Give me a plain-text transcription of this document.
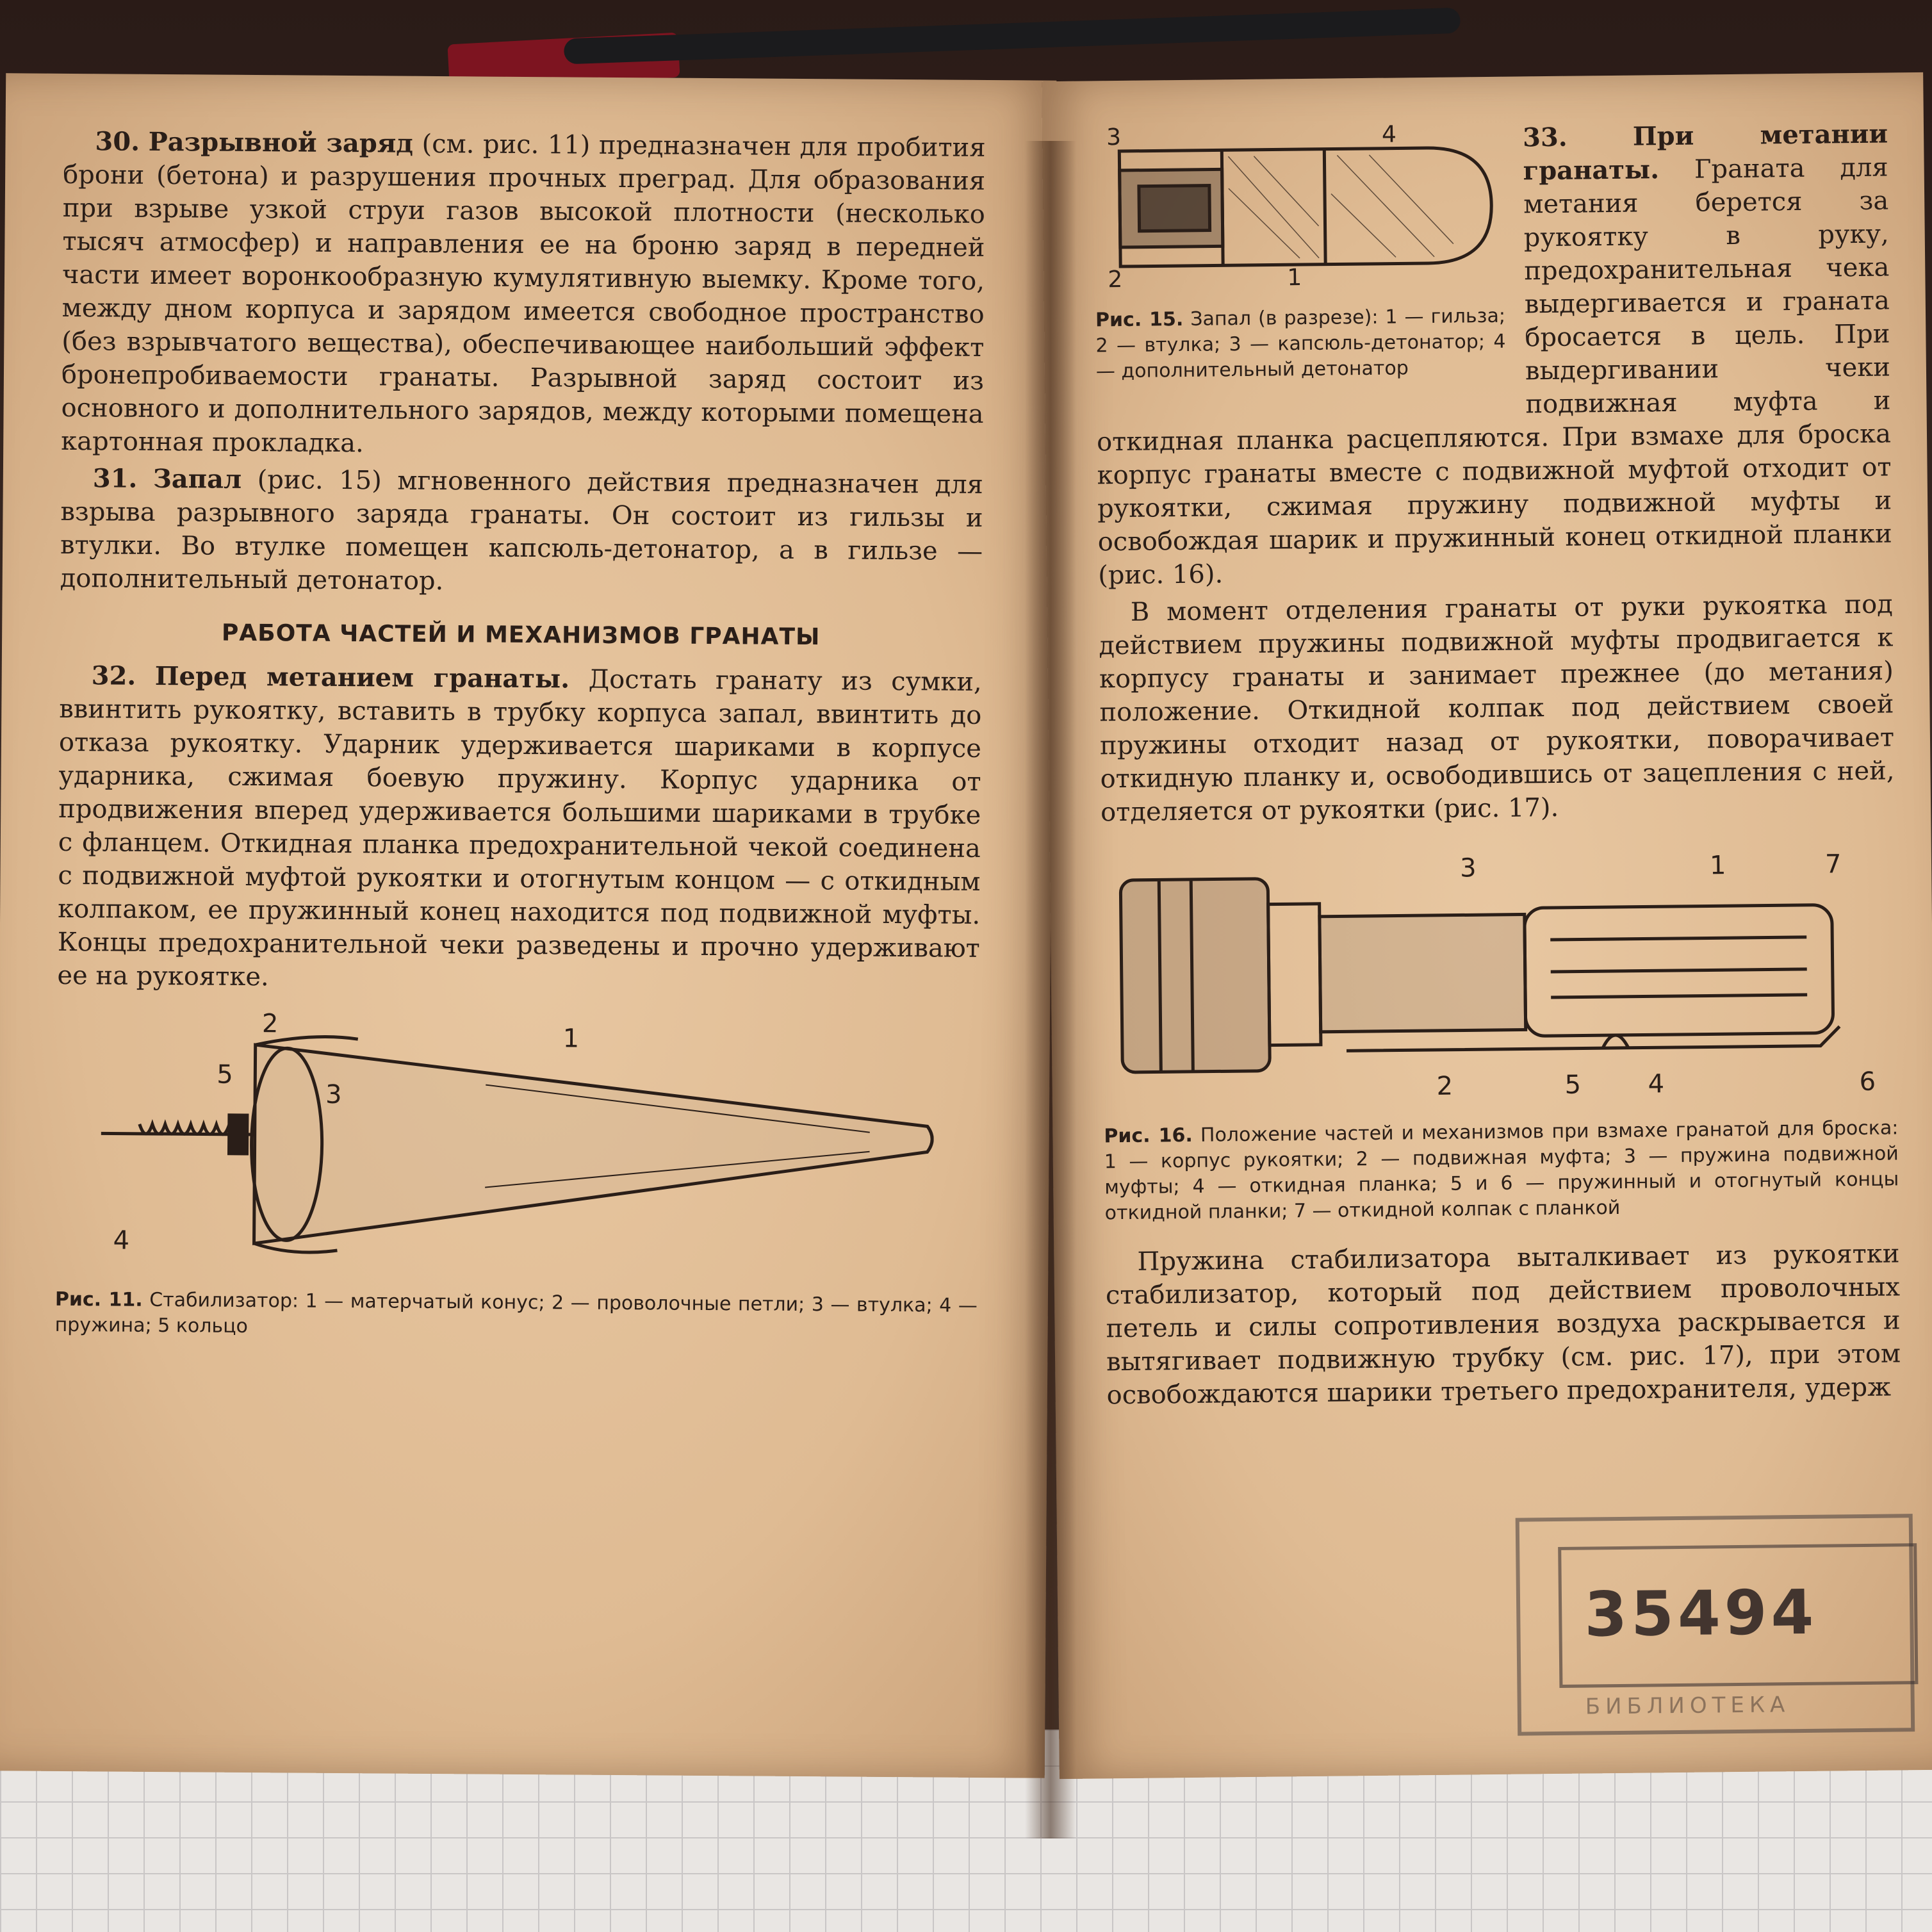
30. Разрывной заряд (см. рис. 11) предназначен для пробития брони (бетона) и разрушения прочных преград. Для образования при взрыве узкой струи газов высокой плотности (несколько тысяч атмосфер) и направления ее на броню заряд в передней части имеет воронкообразную кумулятивную выемку. Кроме того, между дном корпуса и зарядом имеется свободное пространство (без взрывчатого вещества), обеспечивающее наибольший эффект бронепробиваемости гранаты. Разрывной заряд состоит из основного и дополнительного зарядов, между которыми помещена картонная прокладка.

31. Запал (рис. 15) мгновенного действия предназначен для взрыва разрывного заряда гранаты. Он состоит из гильзы и втулки. Во втулке помещен капсюль-детонатор, а в гильзе — дополнительный детонатор.

РАБОТА ЧАСТЕЙ И МЕХАНИЗМОВ ГРАНАТЫ

32. Перед метанием гранаты. Достать гранату из сумки, ввинтить рукоятку, вставить в трубку корпуса запал, ввинтить до отказа рукоятку. Ударник удерживается шариками в корпусе ударника, сжимая боевую пружину. Корпус ударника от продвижения вперед удерживается большими шариками в трубке с фланцем. Откидная планка предохранительной чекой соединена с подвижной муфтой рукоятки и отогнутым концом — с откидным колпаком, ее пружинный конец находится под подвижной муфты. Концы предохранительной чеки разведены и прочно удерживают ее на рукоятке.

1
2
3
4
5
Рис. 11. Стабилизатор: 1 — матерчатый конус; 2 — проволочные петли; 3 — втулка; 4 — пружина; 5 кольцо
1
2
3	4
Рис. 15. Запал (в разрезе): 1 — гильза; 2 — втулка; 3 — капсюль-детонатор; 4 — дополнительный детонатор

33.	При метании гранаты. Граната для метания берется за рукоятку в руку, предохранительная чека выдергивается и граната бросается в цель. При выдергивании чеки подвижная муфта и откидная планка расцепляются. При взмахе для броска корпус гранаты вместе с подвижной муфтой отходит от рукоятки, сжимая пружину подвижной муфты и освобождая шарик и пружинный конец откидной планки (рис. 16).

В момент отделения гранаты от руки рукоятка под действием пружины подвижной муфты продвигается к корпусу гранаты и занимает прежнее (до метания) положение. Откидной колпак под действием своей пружины отходит назад от рукоятки, поворачивает откидную планку и, освободившись от зацепления с ней, отделяется от рукоятки (рис. 17).

1
2
3
4
5	6
7
Рис. 16. Положение частей и механизмов при взмахе гранатой для броска: 1 — корпус рукоятки; 2 — подвижная муфта; 3 — пружина подвижной муфты; 4 — откидная планка; 5 и 6 — пружинный и отогнутый концы откидной планки; 7 — откидной колпак с планкой

Пружина стабилизатора выталкивает из рукоятки стабилизатор, который под действием проволочных петель и силы сопротивления воздуха раскрывается и вытягивает подвижную трубку (см. рис. 17), при этом освобождаются шарики третьего предохранителя, удерж

35494
БИБЛИОТЕКА
